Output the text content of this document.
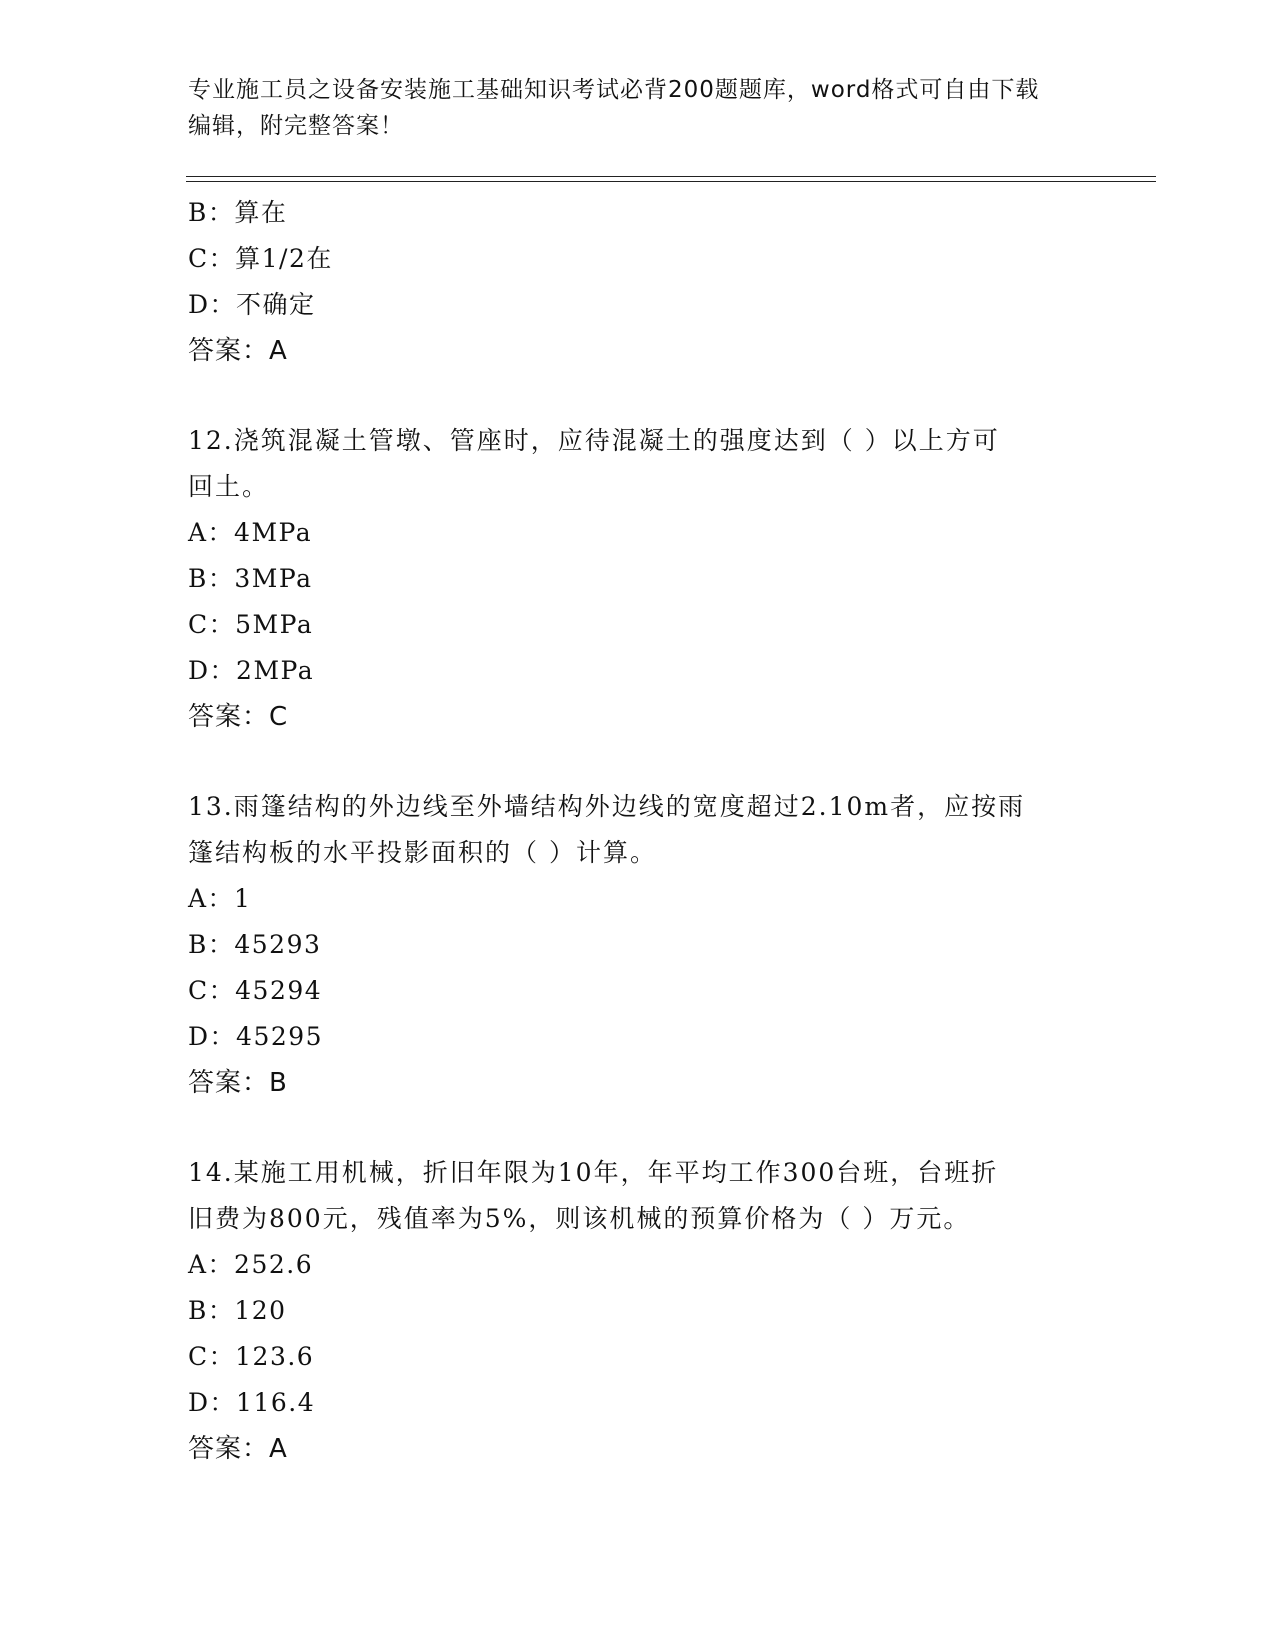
专业施工员之设备安装施工基础知识考试必背200题题库，word格式可自由下载
编辑，附完整答案！
B：算在
C：算1/2在
D：不确定
答案：A
12.浇筑混凝土管墩、管座时，应待混凝土的强度达到（ ）以上方可
回土。
A：4MPa
B：3MPa
C：5MPa
D：2MPa
答案：C
13.雨篷结构的外边线至外墙结构外边线的宽度超过2.10m者，应按雨
篷结构板的水平投影面积的（ ）计算。
A：1
B：45293
C：45294
D：45295
答案：B
14.某施工用机械，折旧年限为10年，年平均工作300台班，台班折
旧费为800元，残值率为5%，则该机械的预算价格为（ ）万元。
A：252.6
B：120
C：123.6
D：116.4
答案：A
